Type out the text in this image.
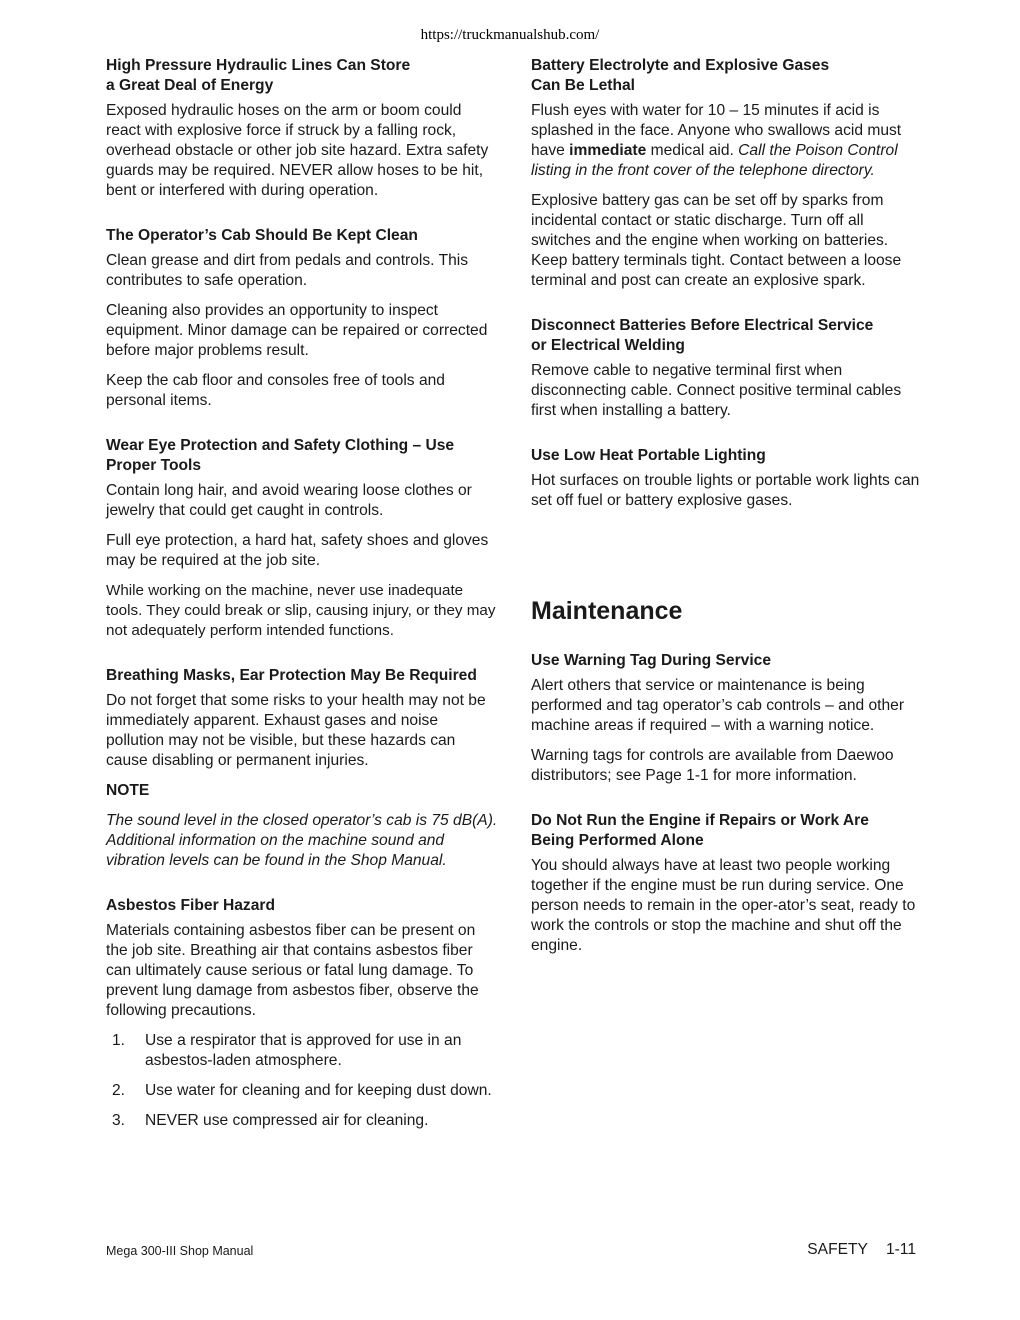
https://truckmanualshub.com/
High Pressure Hydraulic Lines Can Store
a Great Deal of Energy

Exposed hydraulic hoses on the arm or boom could react with explosive force if struck by a falling rock, overhead obstacle or other job site hazard. Extra safety guards may be required. NEVER allow hoses to be hit, bent or interfered with during operation.

The Operator’s Cab Should Be Kept Clean

Clean grease and dirt from pedals and controls. This contributes to safe operation.

Cleaning also provides an opportunity to inspect equipment. Minor damage can be repaired or corrected before major problems result.

Keep the cab floor and consoles free of tools and personal items.

Wear Eye Protection and Safety Clothing – Use Proper Tools

Contain long hair, and avoid wearing loose clothes or jewelry that could get caught in controls.

Full eye protection, a hard hat, safety shoes and gloves may be required at the job site.

While working on the machine, never use inadequate tools. They could break or slip, causing injury, or they may not adequately perform intended functions.

Breathing Masks, Ear Protection May Be Required

Do not forget that some risks to your health may not be immediately apparent. Exhaust gases and noise pollution may not be visible, but these hazards can cause disabling or permanent injuries.

NOTE
The sound level in the closed operator’s cab is 75 dB(A). Additional information on the machine sound and vibration levels can be found in the Shop Manual.
Asbestos Fiber Hazard

Materials containing asbestos fiber can be present on the job site. Breathing air that contains asbestos fiber can ultimately cause serious or fatal lung damage. To prevent lung damage from asbestos fiber, observe the following precautions.

1.	Use a respirator that is approved for use in an asbestos-laden atmosphere.
2.	Use water for cleaning and for keeping dust down.
3.	NEVER use compressed air for cleaning.
Battery Electrolyte and Explosive Gases
Can Be Lethal

Flush eyes with water for 10 – 15 minutes if acid is splashed in the face. Anyone who swallows acid must have immediate medical aid. Call the Poison Control listing in the front cover of the telephone directory.

Explosive battery gas can be set off by sparks from incidental contact or static discharge. Turn off all switches and the engine when working on batteries. Keep battery terminals tight. Contact between a loose terminal and post can create an explosive spark.

Disconnect Batteries Before Electrical Service
or Electrical Welding

Remove cable to negative terminal first when disconnecting cable. Connect positive terminal cables first when installing a battery.

Use Low Heat Portable Lighting

Hot surfaces on trouble lights or portable work lights can set off fuel or battery explosive gases.

Maintenance
Use Warning Tag During Service

Alert others that service or maintenance is being performed and tag operator’s cab controls – and other machine areas if required – with a warning notice.

Warning tags for controls are available from Daewoo distributors; see Page 1-1 for more information.

Do Not Run the Engine if Repairs or Work Are
Being Performed Alone

You should always have at least two people working together if the engine must be run during service. One person needs to remain in the oper-ator’s seat, ready to work the controls or stop the machine and shut off the engine.

Mega 300-III Shop Manual	SAFETY 1-11
